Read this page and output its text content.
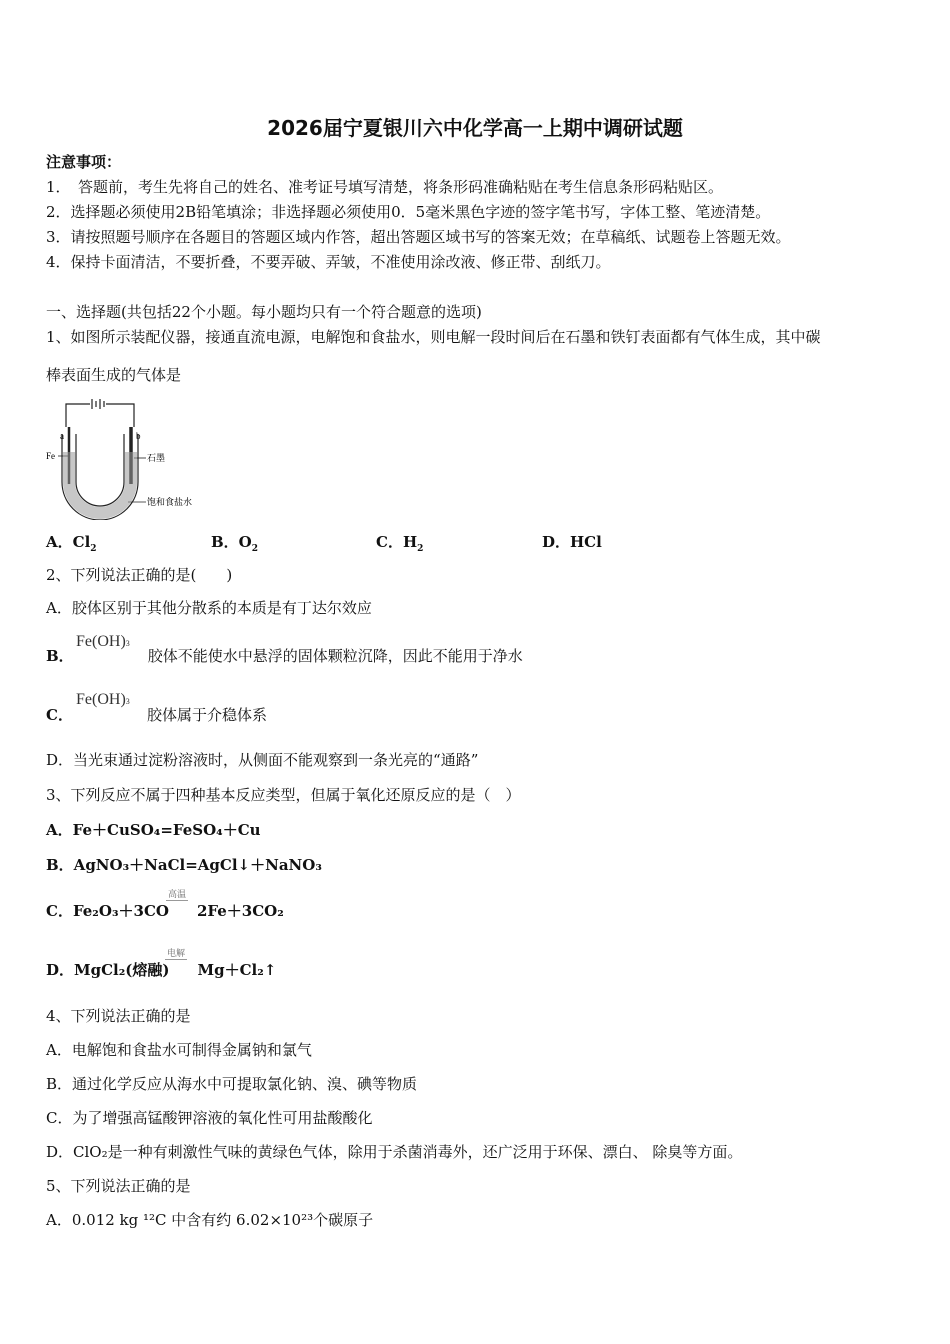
2026届宁夏银川六中化学高一上期中调研试题
注意事项：
1．　答题前，考生先将自己的姓名、准考证号填写清楚，将条形码准确粘贴在考生信息条形码粘贴区。
2．选择题必须使用2B铅笔填涂；非选择题必须使用0．5毫米黑色字迹的签字笔书写，字体工整、笔迹清楚。
3．请按照题号顺序在各题目的答题区域内作答，超出答题区域书写的答案无效；在草稿纸、试题卷上答题无效。
4．保持卡面清洁，不要折叠，不要弄破、弄皱，不准使用涂改液、修正带、刮纸刀。
一、选择题(共包括22个小题。每小题均只有一个符合题意的选项)
1、如图所示装配仪器，接通直流电源，电解饱和食盐水，则电解一段时间后在石墨和铁钉表面都有气体生成，其中碳
棒表面生成的气体是
a	b
Fe	石墨
饱和食盐水
A．$Cl_2$	B．$O_2$	C．$H_2$	D．HCl
2、下列说法正确的是(　　)
A．胶体区别于其他分散系的本质是有丁达尔效应
B．	胶体不能使水中悬浮的固体颗粒沉降，因此不能用于净水
Fe(OH)3
C．	胶体属于介稳体系
Fe(OH)3
D．当光束通过淀粉溶液时，从侧面不能观察到一条光亮的“通路”
3、下列反应不属于四种基本反应类型，但属于氧化还原反应的是（　）
A．Fe＋CuSO₄=FeSO₄＋Cu
B．AgNO₃＋NaCl=AgCl↓＋NaNO₃
C．Fe₂O₃＋3CO 2Fe＋3CO₂
高温
D．MgCl₂(熔融) Mg＋Cl₂↑
电解
4、下列说法正确的是
A．电解饱和食盐水可制得金属钠和氯气
B．通过化学反应从海水中可提取氯化钠、溴、碘等物质
C．为了增强高锰酸钾溶液的氧化性可用盐酸酸化
D．ClO₂是一种有刺激性气味的黄绿色气体，除用于杀菌消毒外，还广泛用于环保、漂白、 除臭等方面。
5、下列说法正确的是
A．0.012 kg ¹²C 中含有约 6.02×10²³个碳原子
